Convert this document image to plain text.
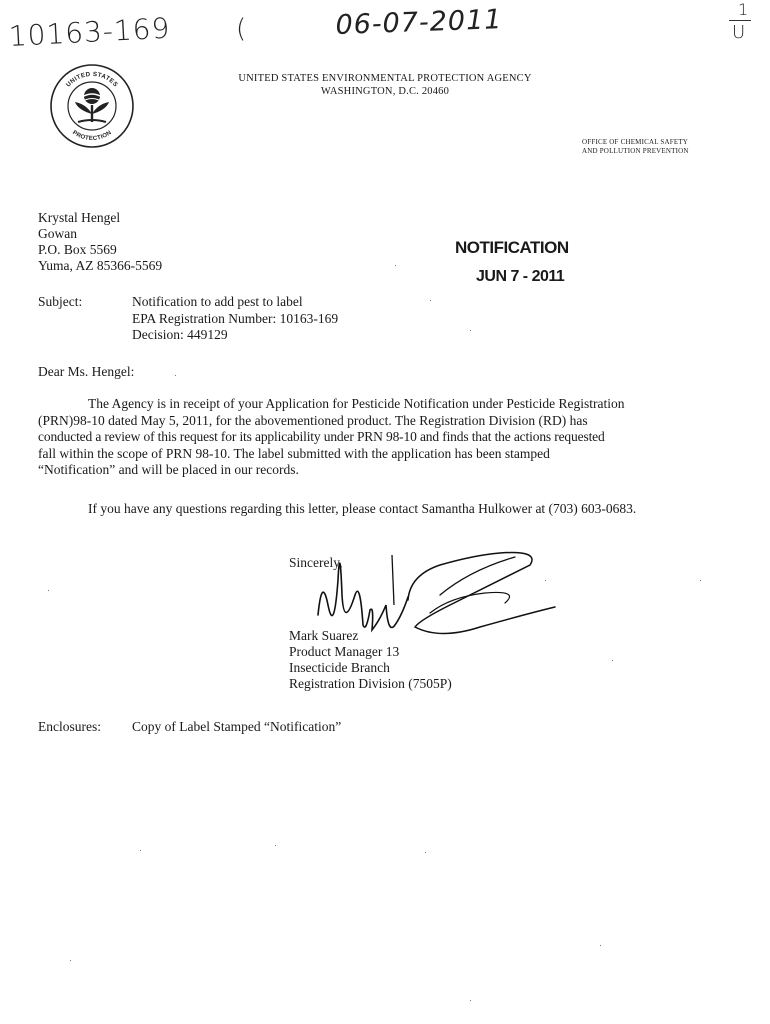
10163-169 (	06-07-2011	1
U
UNITED STATES
PROTECTION
UNITED STATES ENVIRONMENTAL PROTECTION AGENCY
WASHINGTON, D.C. 20460
OFFICE OF CHEMICAL SAFETY
AND POLLUTION PREVENTION
Krystal Hengel
Gowan
P.O. Box 5569
Yuma, AZ 85366-5569
NOTIFICATION
JUN 7 - 2011
Subject:	Notification to add pest to label
EPA Registration Number: 10163-169
Decision: 449129
Dear Ms. Hengel:
The Agency is in receipt of your Application for Pesticide Notification under Pesticide Registration
(PRN)98-10 dated May 5, 2011, for the abovementioned product. The Registration Division (RD) has
conducted a review of this request for its applicability under PRN 98-10 and finds that the actions requested
fall within the scope of PRN 98-10. The label submitted with the application has been stamped
“Notification” and will be placed in our records.
If you have any questions regarding this letter, please contact Samantha Hulkower at (703) 603-0683.
Sincerely,
Mark Suarez
Product Manager 13
Insecticide Branch
Registration Division (7505P)
Enclosures: Copy of Label Stamped “Notification”
